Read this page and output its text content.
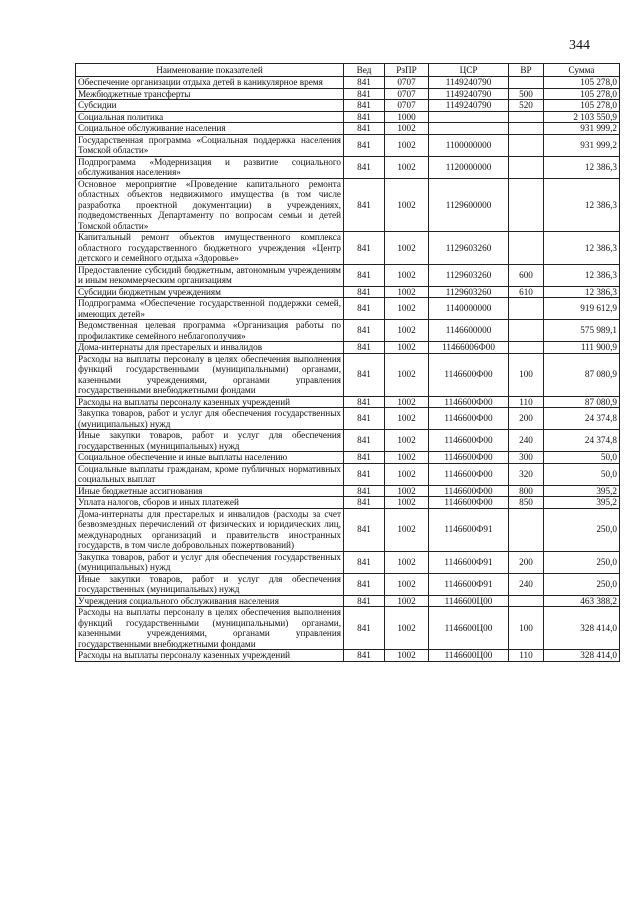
344
Наименование показателей	Вед	РзПР	ЦСР	ВР	Сумма
Обеспечение организации отдыха детей в каникулярное время	841	0707	1149240790		105 278,0
Межбюджетные трансферты	841	0707	1149240790	500	105 278,0
Субсидии	841	0707	1149240790	520	105 278,0
Социальная политика	841	1000			2 103 550,9
Социальное обслуживание населения	841	1002			931 999,2
Государственная программа «Социальная поддержка населения Томской области»	841	1002	1100000000		931 999,2
Подпрограмма «Модернизация и развитие социального обслуживания населения»	841	1002	1120000000		12 386,3
Основное мероприятие «Проведение капитального ремонта областных объектов недвижимого имущества (в том числе разработка проектной документации) в учреждениях, подведомственных Департаменту по вопросам семьи и детей Томской области»	841	1002	1129600000		12 386,3
Капитальный ремонт объектов имущественного комплекса областного государственного бюджетного учреждения «Центр детского и семейного отдыха «Здоровье»	841	1002	1129603260		12 386,3
Предоставление субсидий бюджетным, автономным учреждениям и иным некоммерческим организациям	841	1002	1129603260	600	12 386,3
Субсидии бюджетным учреждениям	841	1002	1129603260	610	12 386,3
Подпрограмма «Обеспечение государственной поддержки семей, имеющих детей»	841	1002	1140000000		919 612,9
Ведомственная целевая программа «Организация работы по профилактике семейного неблагополучия»	841	1002	1146600000		575 989,1
Дома-интернаты для престарелых и инвалидов	841	1002	11466006Ф00		111 900,9
Расходы на выплаты персоналу в целях обеспечения выполнения функций государственными (муниципальными) органами, казенными учреждениями, органами управления государственными внебюджетными фондами	841	1002	1146600Ф00	100	87 080,9
Расходы на выплаты персоналу казенных учреждений	841	1002	1146600Ф00	110	87 080,9
Закупка товаров, работ и услуг для обеспечения государственных (муниципальных) нужд	841	1002	1146600Ф00	200	24 374,8
Иные закупки товаров, работ и услуг для обеспечения государственных (муниципальных) нужд	841	1002	1146600Ф00	240	24 374,8
Социальное обеспечение и иные выплаты населению	841	1002	1146600Ф00	300	50,0
Социальные выплаты гражданам, кроме публичных нормативных социальных выплат	841	1002	1146600Ф00	320	50,0
Иные бюджетные ассигнования	841	1002	1146600Ф00	800	395,2
Уплата налогов, сборов и иных платежей	841	1002	1146600Ф00	850	395,2
Дома-интернаты для престарелых и инвалидов (расходы за счет безвозмездных перечислений от физических и юридических лиц, международных организаций и правительств иностранных государств, в том числе добровольных пожертвований)	841	1002	1146600Ф91		250,0
Закупка товаров, работ и услуг для обеспечения государственных (муниципальных) нужд	841	1002	1146600Ф91	200	250,0
Иные закупки товаров, работ и услуг для обеспечения государственных (муниципальных) нужд	841	1002	1146600Ф91	240	250,0
Учреждения социального обслуживания населения	841	1002	1146600Ц00		463 388,2
Расходы на выплаты персоналу в целях обеспечения выполнения функций государственными (муниципальными) органами, казенными учреждениями, органами управления государственными внебюджетными фондами	841	1002	1146600Ц00	100	328 414,0
Расходы на выплаты персоналу казенных учреждений	841	1002	1146600Ц00	110	328 414,0
